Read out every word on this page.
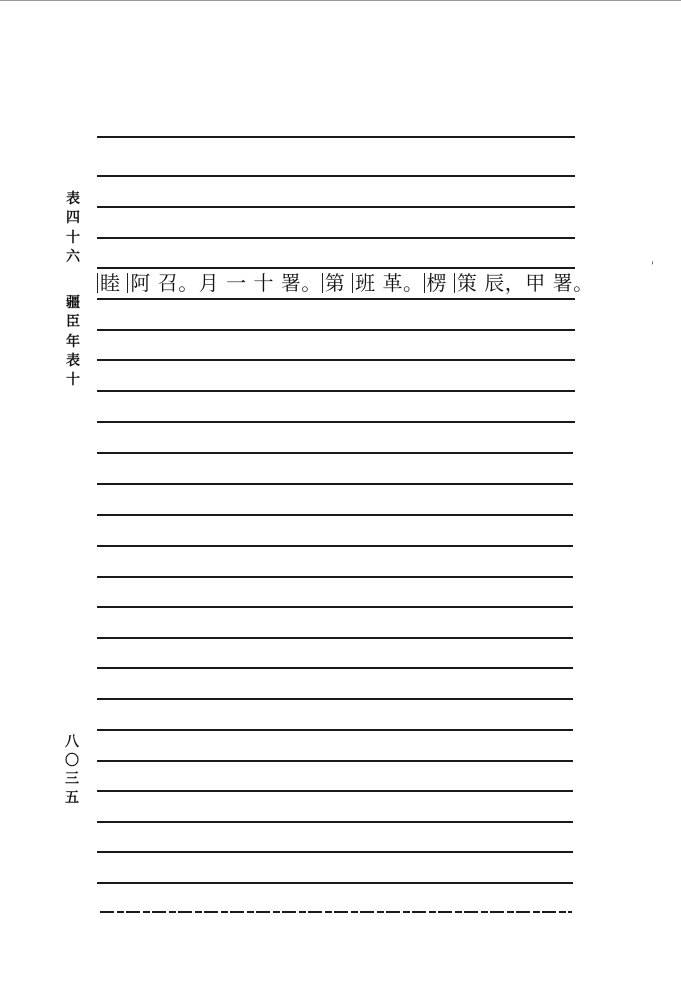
表
四
十
六
疆
臣
年
表
十
八
〇
三
五
睦 阿 召。月 一 十 署。 第 班 革。 楞 策 辰，甲 署。
'
